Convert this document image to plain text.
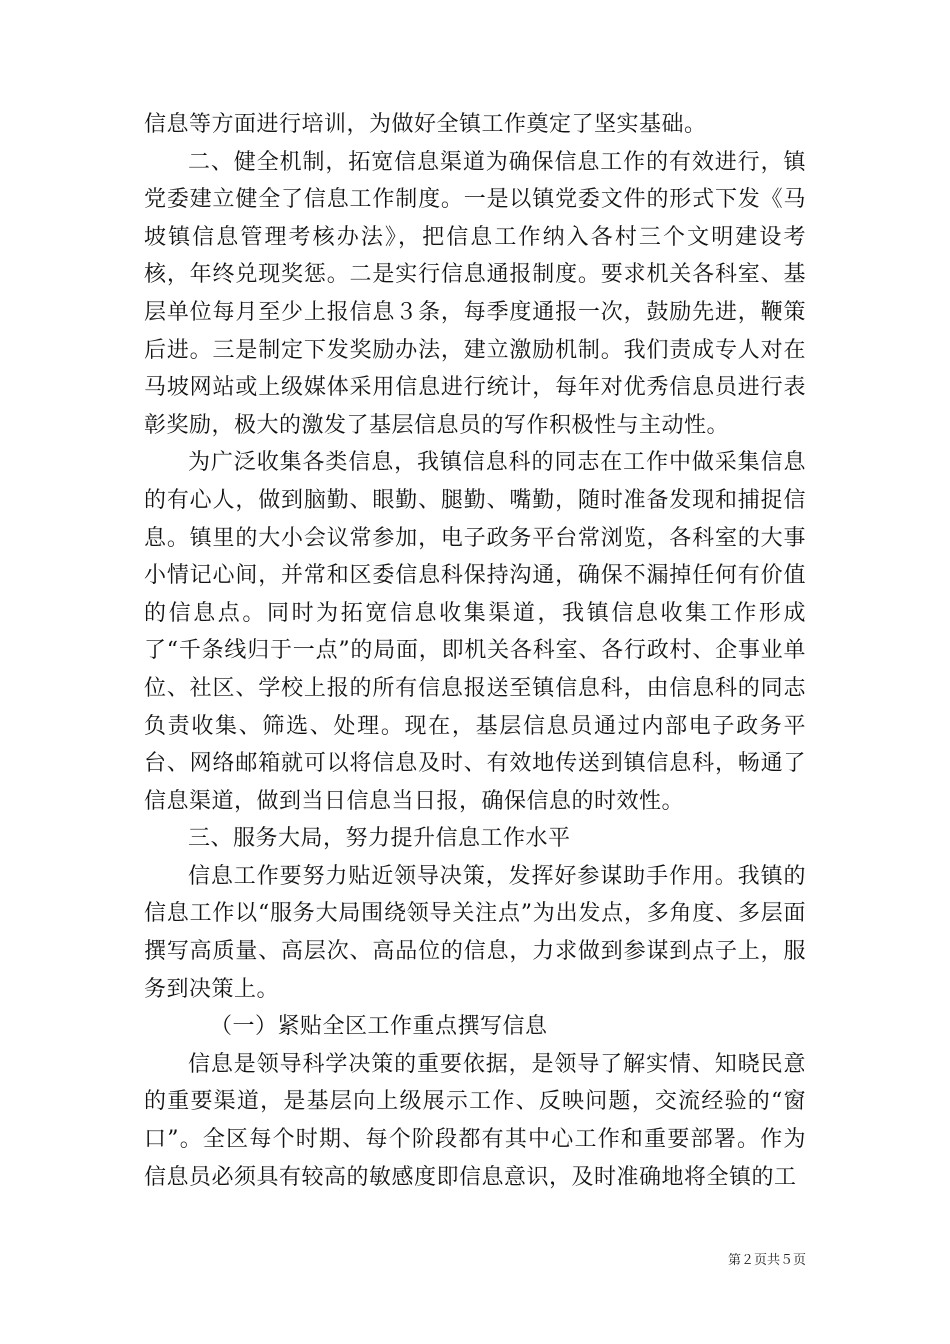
信息等方面进行培训，为做好全镇工作奠定了坚实基础。

二、健全机制，拓宽信息渠道为确保信息工作的有效进行，镇党委建立健全了信息工作制度。一是以镇党委文件的形式下发《马坡镇信息管理考核办法》，把信息工作纳入各村三个文明建设考核，年终兑现奖惩。二是实行信息通报制度。要求机关各科室、基层单位每月至少上报信息３条，每季度通报一次，鼓励先进，鞭策后进。三是制定下发奖励办法，建立激励机制。我们责成专人对在马坡网站或上级媒体采用信息进行统计，每年对优秀信息员进行表彰奖励，极大的激发了基层信息员的写作积极性与主动性。

为广泛收集各类信息，我镇信息科的同志在工作中做采集信息的有心人，做到脑勤、眼勤、腿勤、嘴勤，随时准备发现和捕捉信息。镇里的大小会议常参加，电子政务平台常浏览，各科室的大事小情记心间，并常和区委信息科保持沟通，确保不漏掉任何有价值的信息点。同时为拓宽信息收集渠道，我镇信息收集工作形成了“千条线归于一点”的局面，即机关各科室、各行政村、企事业单位、社区、学校上报的所有信息报送至镇信息科，由信息科的同志负责收集、筛选、处理。现在，基层信息员通过内部电子政务平台、网络邮箱就可以将信息及时、有效地传送到镇信息科，畅通了信息渠道，做到当日信息当日报，确保信息的时效性。

三、服务大局，努力提升信息工作水平

信息工作要努力贴近领导决策，发挥好参谋助手作用。我镇的信息工作以“服务大局围绕领导关注点”为出发点，多角度、多层面撰写高质量、高层次、高品位的信息，力求做到参谋到点子上，服务到决策上。

（一）紧贴全区工作重点撰写信息

信息是领导科学决策的重要依据，是领导了解实情、知晓民意的重要渠道，是基层向上级展示工作、反映问题，交流经验的“窗口”。全区每个时期、每个阶段都有其中心工作和重要部署。作为信息员必须具有较高的敏感度即信息意识，及时准确地将全镇的工

第２页共５页
